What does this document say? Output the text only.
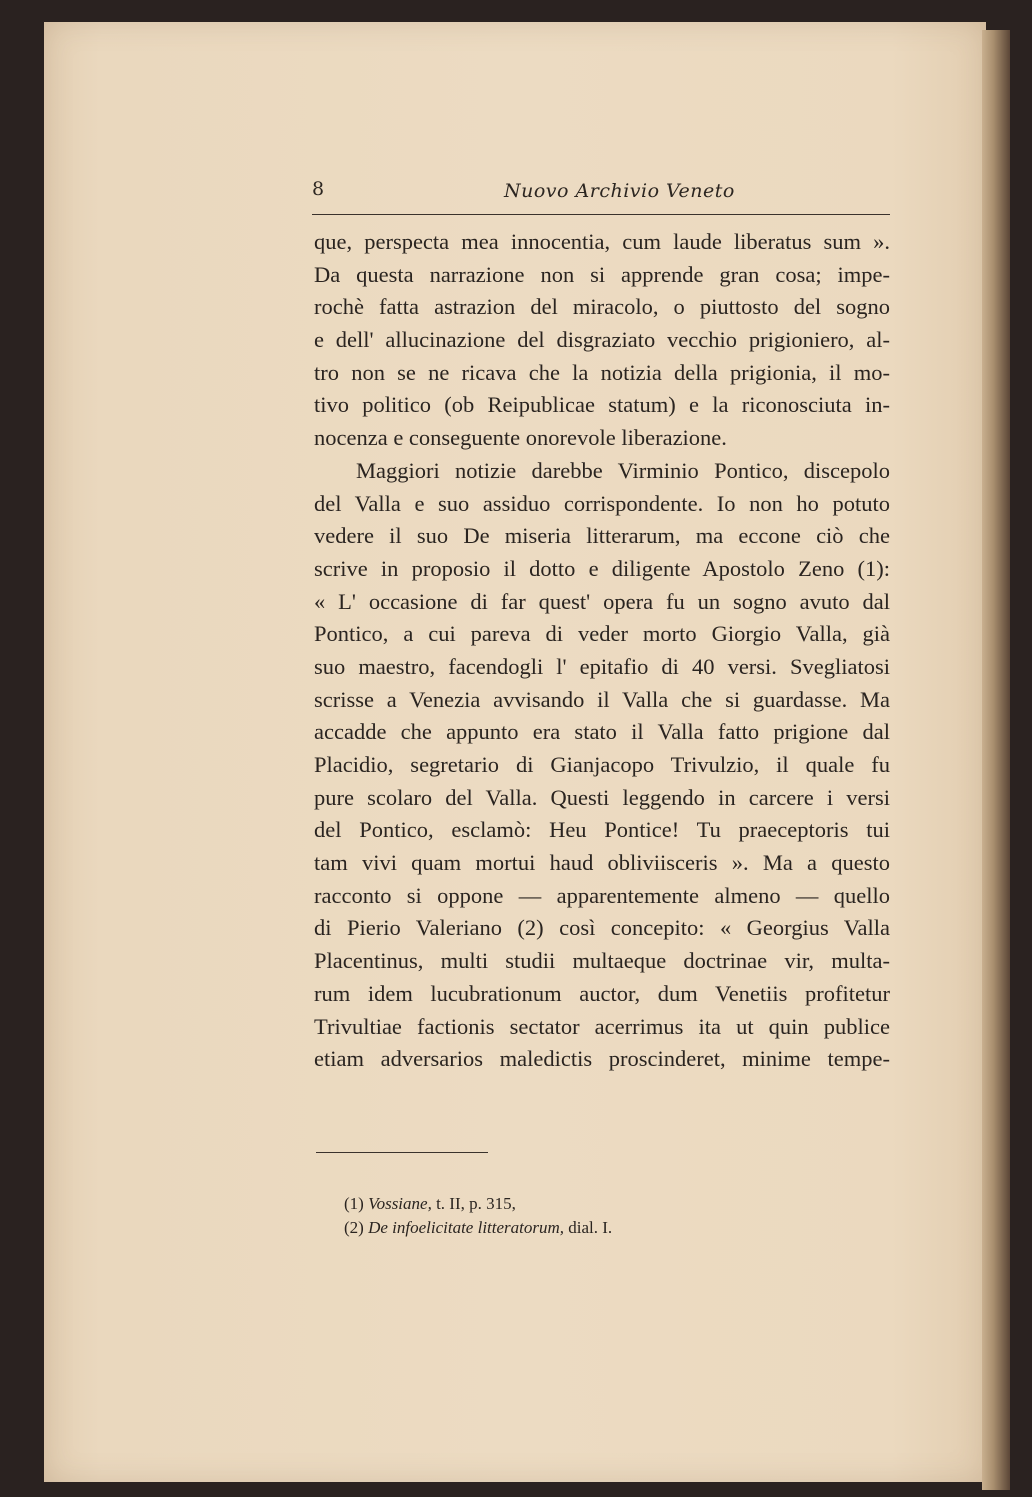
8	Nuovo Archivio Veneto
que, perspecta mea innocentia, cum laude liberatus sum ».
Da questa narrazione non si apprende gran cosa; impe-
rochè fatta astrazion del miracolo, o piuttosto del sogno
e dell' allucinazione del disgraziato vecchio prigioniero, al-
tro non se ne ricava che la notizia della prigionia, il mo-
tivo politico (ob Reipublicae statum) e la riconosciuta in-
nocenza e conseguente onorevole liberazione.
Maggiori notizie darebbe Virminio Pontico, discepolo
del Valla e suo assiduo corrispondente. Io non ho potuto
vedere il suo De miseria litterarum, ma eccone ciò che
scrive in proposio il dotto e diligente Apostolo Zeno (1):
« L' occasione di far quest' opera fu un sogno avuto dal
Pontico, a cui pareva di veder morto Giorgio Valla, già
suo maestro, facendogli l' epitafio di 40 versi. Svegliatosi
scrisse a Venezia avvisando il Valla che si guardasse. Ma
accadde che appunto era stato il Valla fatto prigione dal
Placidio, segretario di Gianjacopo Trivulzio, il quale fu
pure scolaro del Valla. Questi leggendo in carcere i versi
del Pontico, esclamò: Heu Pontice! Tu praeceptoris tui
tam vivi quam mortui haud obliviisceris ». Ma a questo
racconto si oppone — apparentemente almeno — quello
di Pierio Valeriano (2) così concepito: « Georgius Valla
Placentinus, multi studii multaeque doctrinae vir, multa-
rum idem lucubrationum auctor, dum Venetiis profitetur
Trivultiae factionis sectator acerrimus ita ut quin publice
etiam adversarios maledictis proscinderet, minime tempe-
(1) Vossiane, t. II, p. 315,
(2) De infoelicitate litteratorum, dial. I.
